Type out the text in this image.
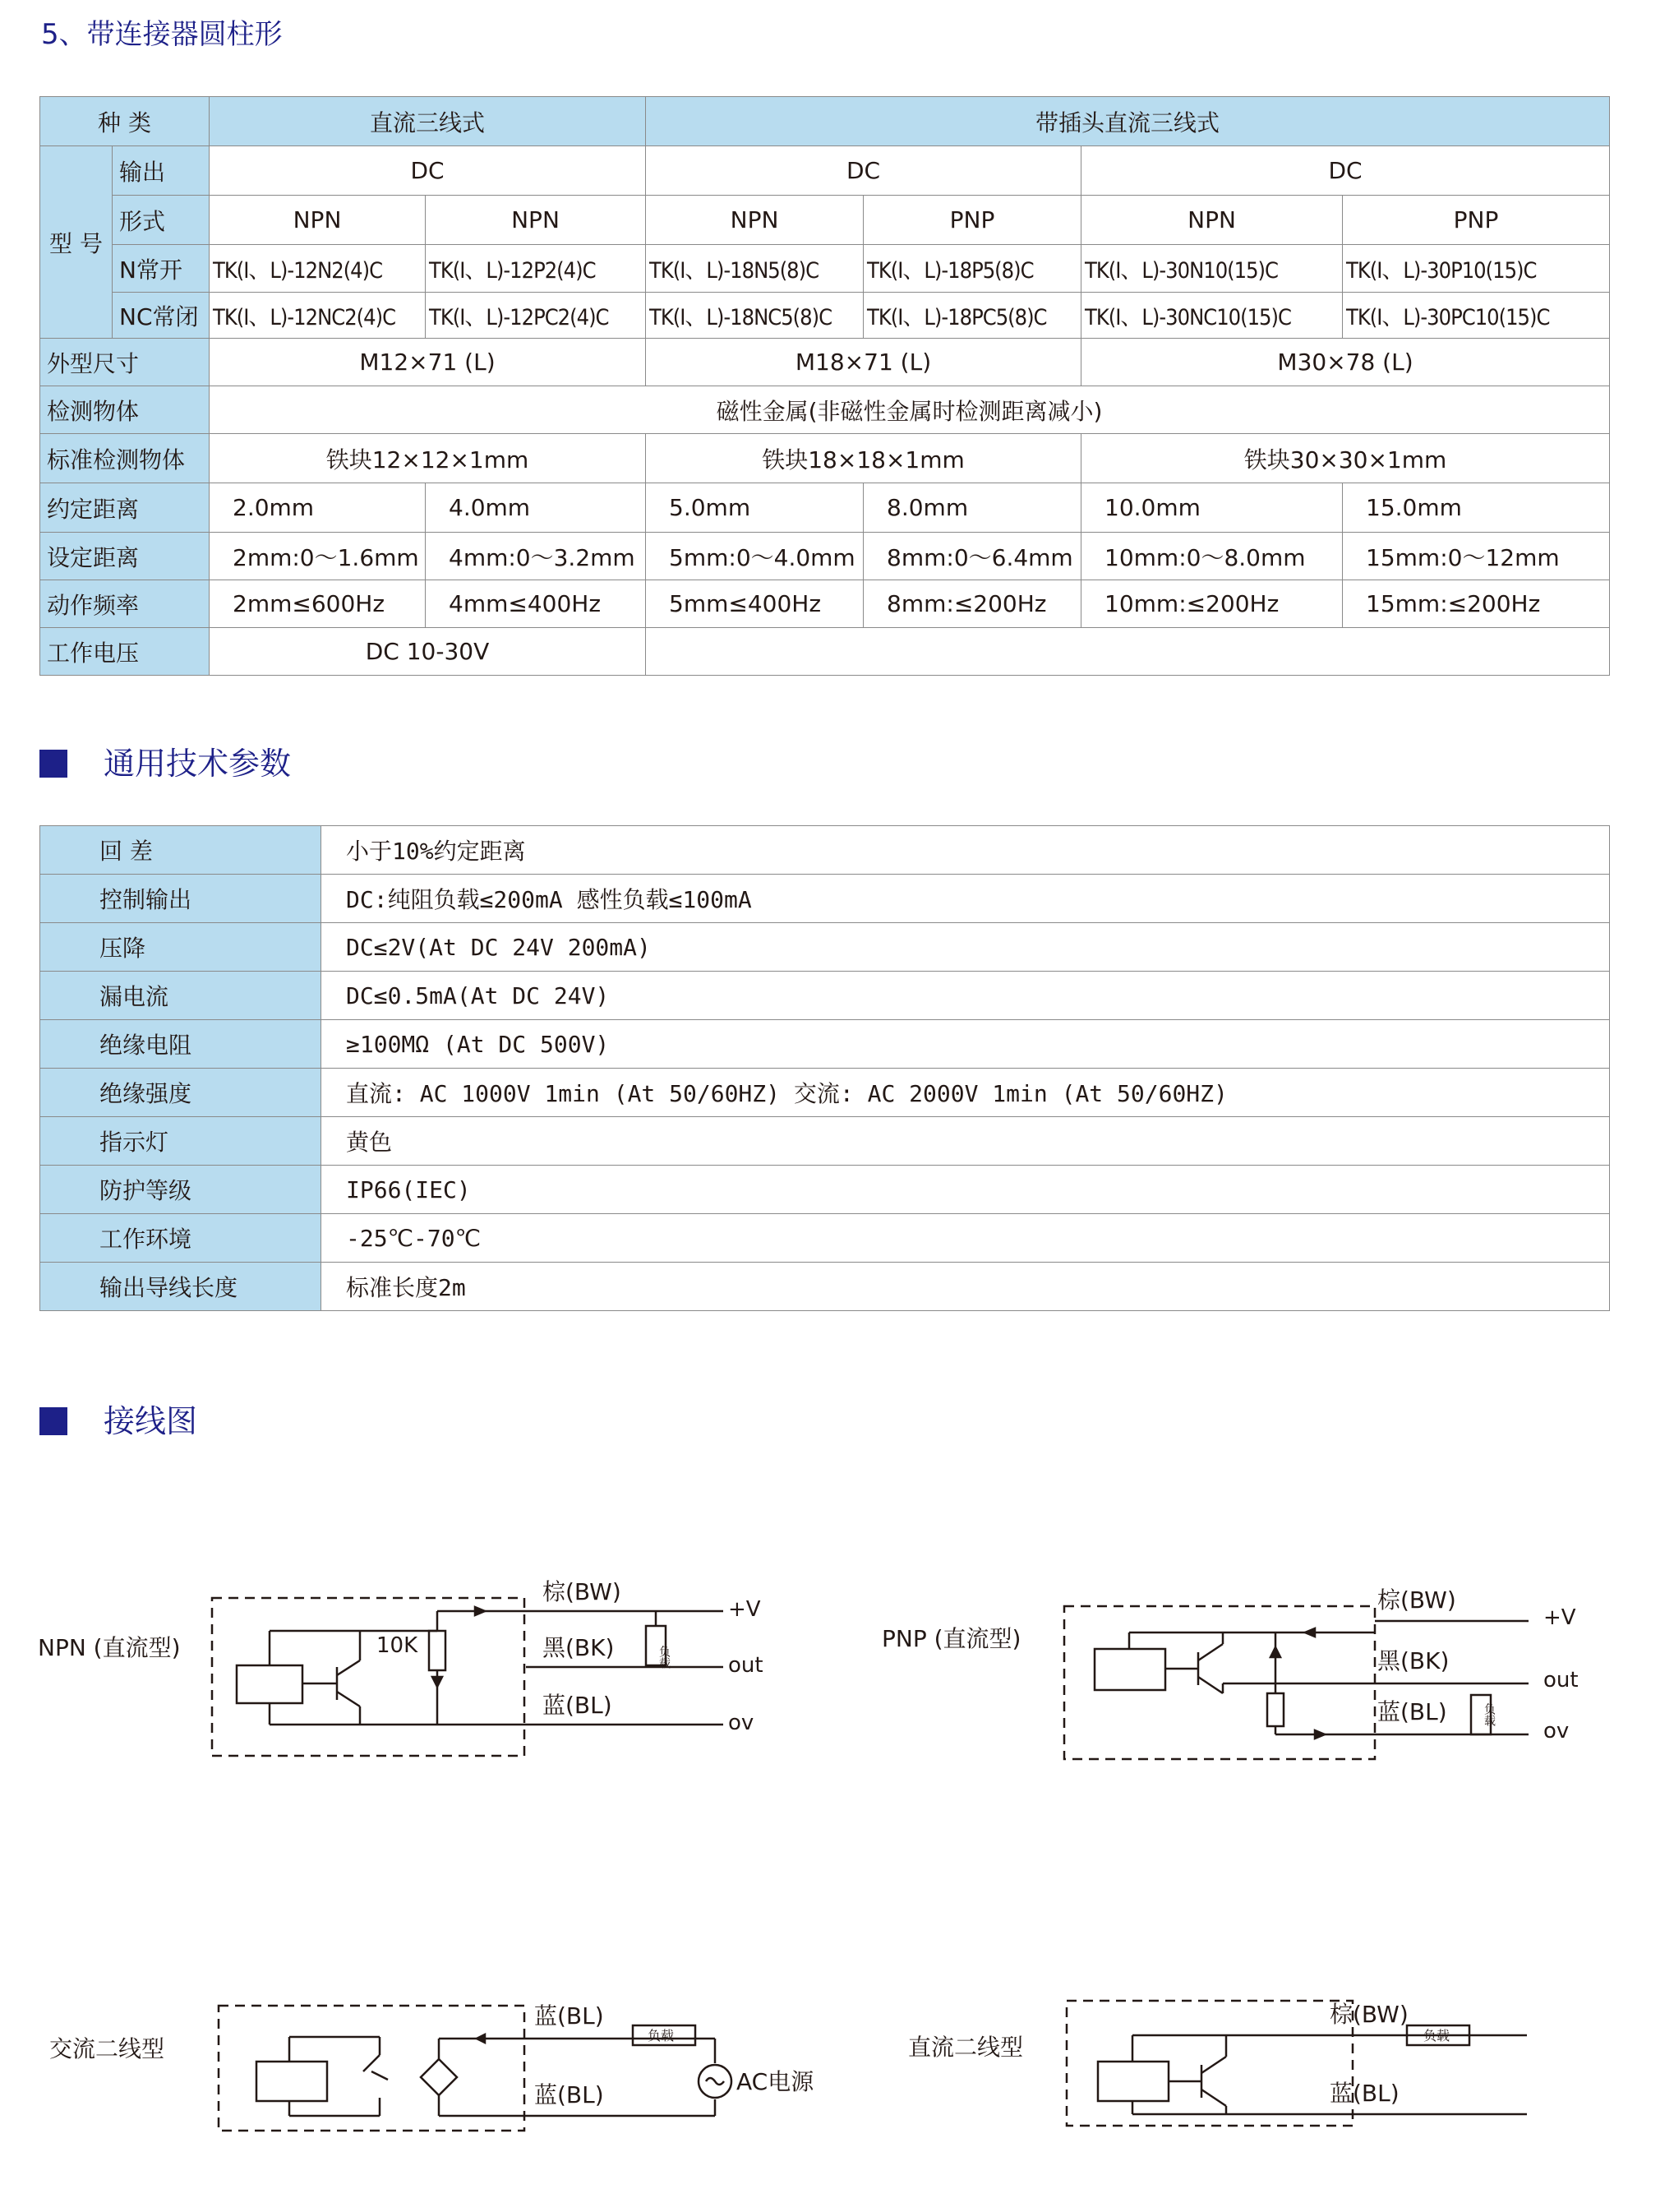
5、带连接器圆柱形
种 类		直流三线式		带插头直流三线式			
型 号	输出	DC		DC		DC	
	形式	NPN	NPN	NPN	PNP	NPN	PNP
	N常开	TK(I、L)-12N2(4)C	TK(I、L)-12P2(4)C	TK(I、L)-18N5(8)C	TK(I、L)-18P5(8)C	TK(I、L)-30N10(15)C	TK(I、L)-30P10(15)C
	NC常闭	TK(I、L)-12NC2(4)C	TK(I、L)-12PC2(4)C	TK(I、L)-18NC5(8)C	TK(I、L)-18PC5(8)C	TK(I、L)-30NC10(15)C	TK(I、L)-30PC10(15)C
外型尺寸		M12×71 (L)		M18×71 (L)		M30×78 (L)	
检测物体		磁性金属(非磁性金属时检测距离减小)					
标准检测物体		铁块12×12×1mm		铁块18×18×1mm		铁块30×30×1mm	
约定距离		2.0mm	4.0mm	5.0mm	8.0mm	10.0mm	15.0mm
设定距离		2mm:0～1.6mm	4mm:0～3.2mm	5mm:0～4.0mm	8mm:0～6.4mm	10mm:0～8.0mm	15mm:0～12mm
动作频率		2mm≤600Hz	4mm≤400Hz	5mm≤400Hz	8mm:≤200Hz	10mm:≤200Hz	15mm:≤200Hz
工作电压		DC 10-30V					
通用技术参数
回 差	小于10%约定距离
控制输出	DC:纯阻负载≤200mA 感性负载≤100mA
压降	DC≤2V(At DC 24V 200mA)
漏电流	DC≤0.5mA(At DC 24V)
绝缘电阻	≥100MΩ (At DC 500V)
绝缘强度	直流: AC 1000V 1min (At 50/60HZ) 交流: AC 2000V 1min (At 50/60HZ)
指示灯	黄色
防护等级	IP66(IEC)
工作环境	-25℃-70℃
输出导线长度	标准长度2m
接线图
NPN (直流型)
棕(BW)
黑(BK)
蓝(BL)
10K
+V
out
ov
负载
PNP (直流型)
棕(BW)
黑(BK)
蓝(BL)
+V
out
ov
负载
交流二线型
蓝(BL)
蓝(BL)
负载
AC电源
直流二线型
棕(BW)
蓝(BL)
负载
